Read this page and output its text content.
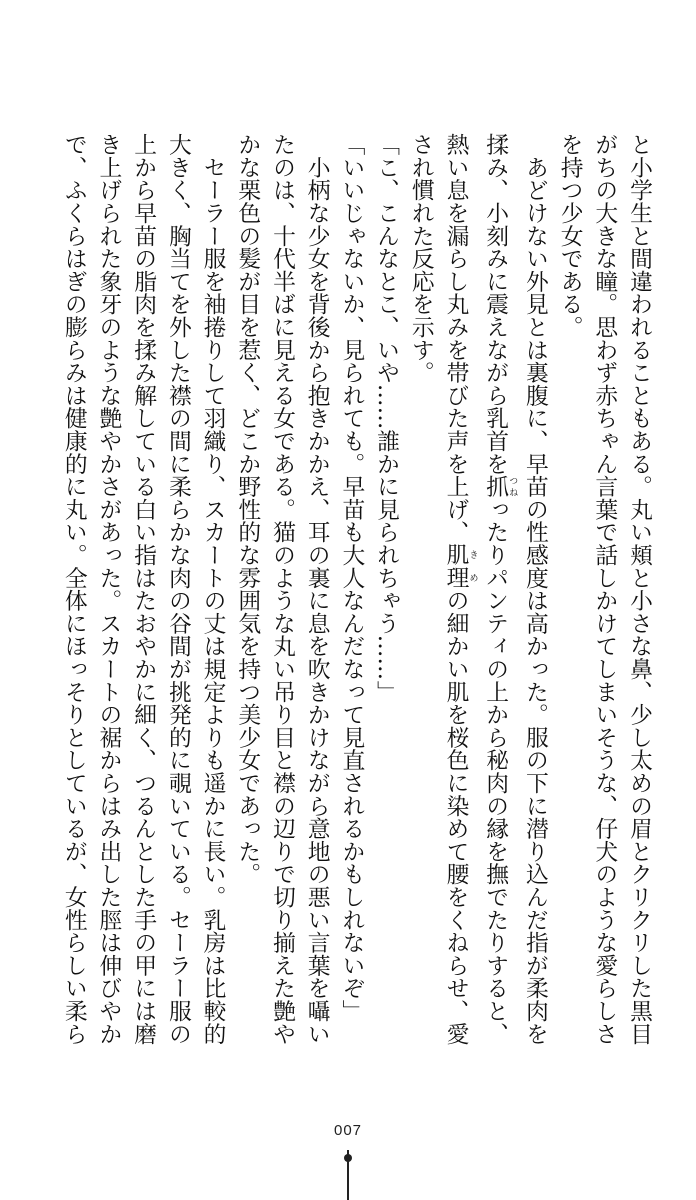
と小学生と間違われることもある。丸い頬と小さな鼻、少し太めの眉とクリクリした黒目
がちの大きな瞳。思わず赤ちゃん言葉で話しかけてしまいそうな、仔犬のような愛らしさ
を持つ少女である。
　あどけない外見とは裏腹に、早苗の性感度は高かった。服の下に潜り込んだ指が柔肉を
揉み、小刻みに震えながら乳首を抓 つねったりパンティの上から秘肉の縁を撫でたりすると、
熱い息を漏らし丸みを帯びた声を上げ、肌理 きめの細かい肌を桜色に染めて腰をくねらせ、愛
され慣れた反応を示す。
「こ、こんなとこ、いや……誰かに見られちゃう……」
「いいじゃないか、見られても。早苗も大人なんだなって見直されるかもしれないぞ」
　小柄な少女を背後から抱きかかえ、耳の裏に息を吹きかけながら意地の悪い言葉を囁い
たのは、十代半ばに見える女である。猫のような丸い吊り目と襟の辺りで切り揃えた艶や
かな栗色の髪が目を惹く、どこか野性的な雰囲気を持つ美少女であった。
　セーラー服を袖捲りして羽織り、スカートの丈は規定よりも遥かに長い。乳房は比較的
大きく、胸当てを外した襟の間に柔らかな肉の谷間が挑発的に覗いている。セーラー服の
上から早苗の脂肉を揉み解している白い指はたおやかに細く、つるんとした手の甲には磨
き上げられた象牙のような艶やかさがあった。スカートの裾からはみ出した脛は伸びやか
で、ふくらはぎの膨らみは健康的に丸い。全体にほっそりとしているが、女性らしい柔ら
007
